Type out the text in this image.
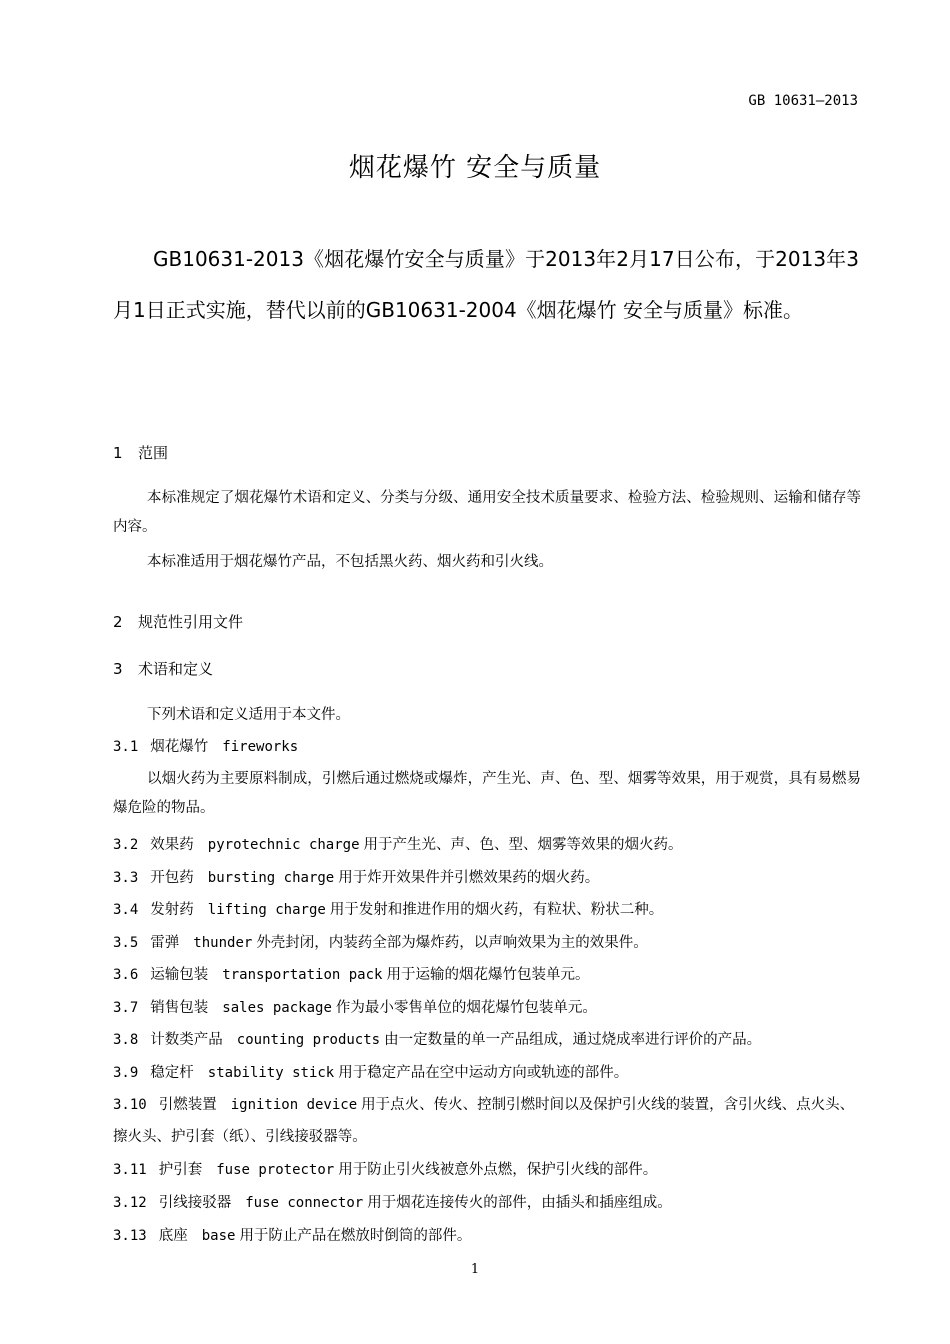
GB 10631—2013
烟花爆竹 安全与质量

GB10631-2013《烟花爆竹安全与质量》于2013年2月17日公布，于2013年3月1日正式实施，替代以前的GB10631-2004《烟花爆竹 安全与质量》标准。

1 范围

本标准规定了烟花爆竹术语和定义、分类与分级、通用安全技术质量要求、检验方法、检验规则、运输和储存等内容。

本标准适用于烟花爆竹产品，不包括黑火药、烟火药和引火线。

2 规范性引用文件
3 术语和定义

下列术语和定义适用于本文件。

3.1 烟花爆竹 fireworks

以烟火药为主要原料制成，引燃后通过燃烧或爆炸，产生光、声、色、型、烟雾等效果，用于观赏，具有易燃易爆危险的物品。

3.2 效果药 pyrotechnic charge 用于产生光、声、色、型、烟雾等效果的烟火药。
3.3 开包药 bursting charge 用于炸开效果件并引燃效果药的烟火药。
3.4 发射药 lifting charge 用于发射和推进作用的烟火药，有粒状、粉状二种。
3.5 雷弹 thunder 外壳封闭，内装药全部为爆炸药，以声响效果为主的效果件。
3.6 运输包装 transportation pack 用于运输的烟花爆竹包装单元。
3.7 销售包装 sales package 作为最小零售单位的烟花爆竹包装单元。
3.8 计数类产品 counting products 由一定数量的单一产品组成，通过烧成率进行评价的产品。
3.9 稳定杆 stability stick 用于稳定产品在空中运动方向或轨迹的部件。
3.10 引燃装置 ignition device 用于点火、传火、控制引燃时间以及保护引火线的装置，含引火线、点火头、擦火头、护引套（纸）、引线接驳器等。
3.11 护引套 fuse protector 用于防止引火线被意外点燃，保护引火线的部件。
3.12 引线接驳器 fuse connector 用于烟花连接传火的部件，由插头和插座组成。
3.13 底座 base 用于防止产品在燃放时倒筒的部件。
1
